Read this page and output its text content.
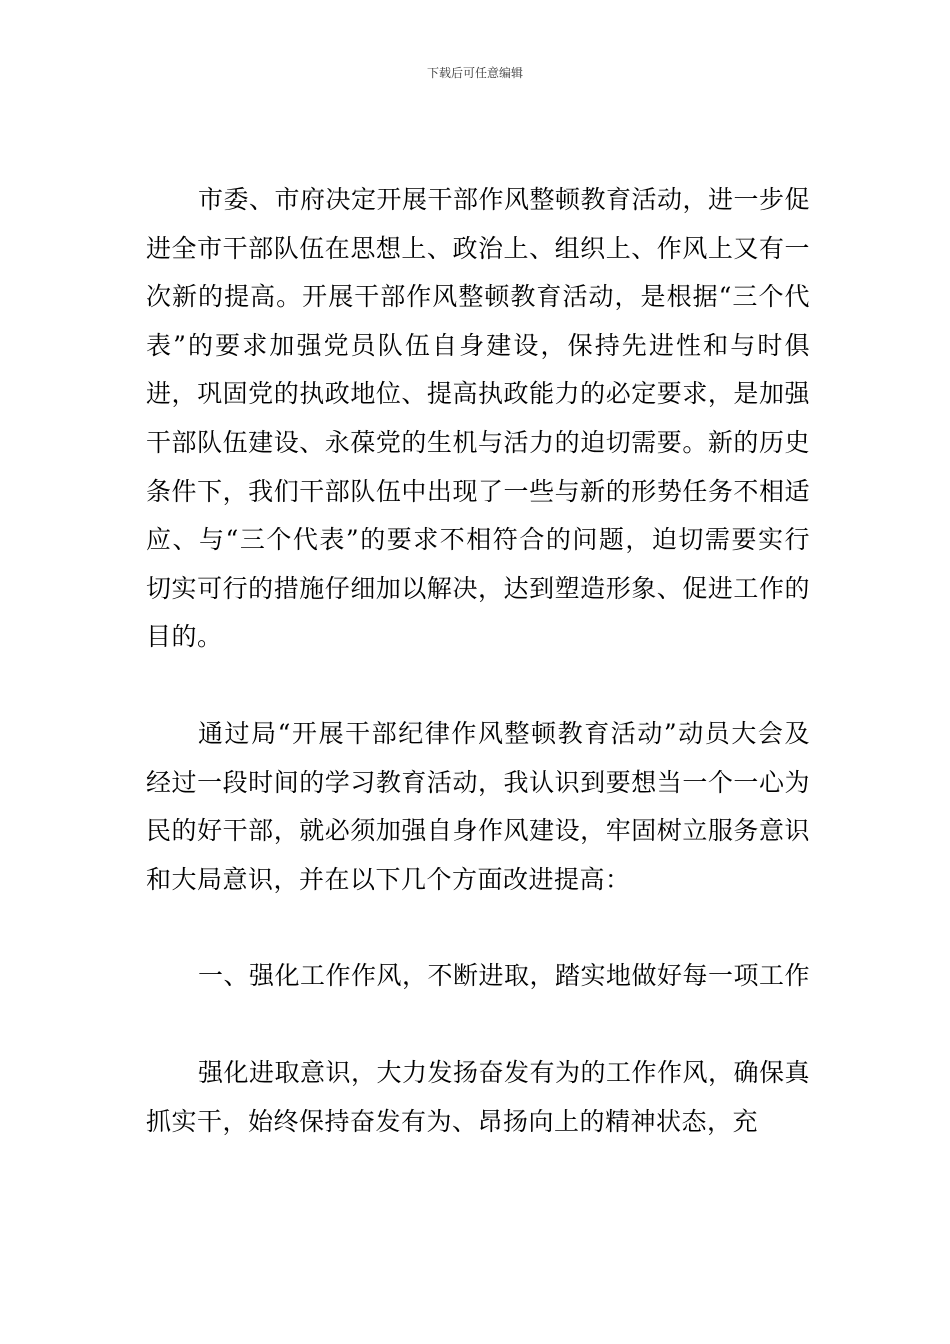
下载后可任意编辑

市委、市府决定开展干部作风整顿教育活动，进一步促进全市干部队伍在思想上、政治上、组织上、作风上又有一次新的提高。开展干部作风整顿教育活动，是根据“三个代表”的要求加强党员队伍自身建设，保持先进性和与时俱进，巩固党的执政地位、提高执政能力的必定要求，是加强干部队伍建设、永葆党的生机与活力的迫切需要。新的历史条件下，我们干部队伍中出现了一些与新的形势任务不相适应、与“三个代表”的要求不相符合的问题，迫切需要实行切实可行的措施仔细加以解决，达到塑造形象、促进工作的目的。

通过局“开展干部纪律作风整顿教育活动”动员大会及经过一段时间的学习教育活动，我认识到要想当一个一心为民的好干部，就必须加强自身作风建设，牢固树立服务意识和大局意识，并在以下几个方面改进提高：

一、强化工作作风，不断进取，踏实地做好每一项工作

强化进取意识，大力发扬奋发有为的工作作风，确保真抓实干，始终保持奋发有为、昂扬向上的精神状态，充
